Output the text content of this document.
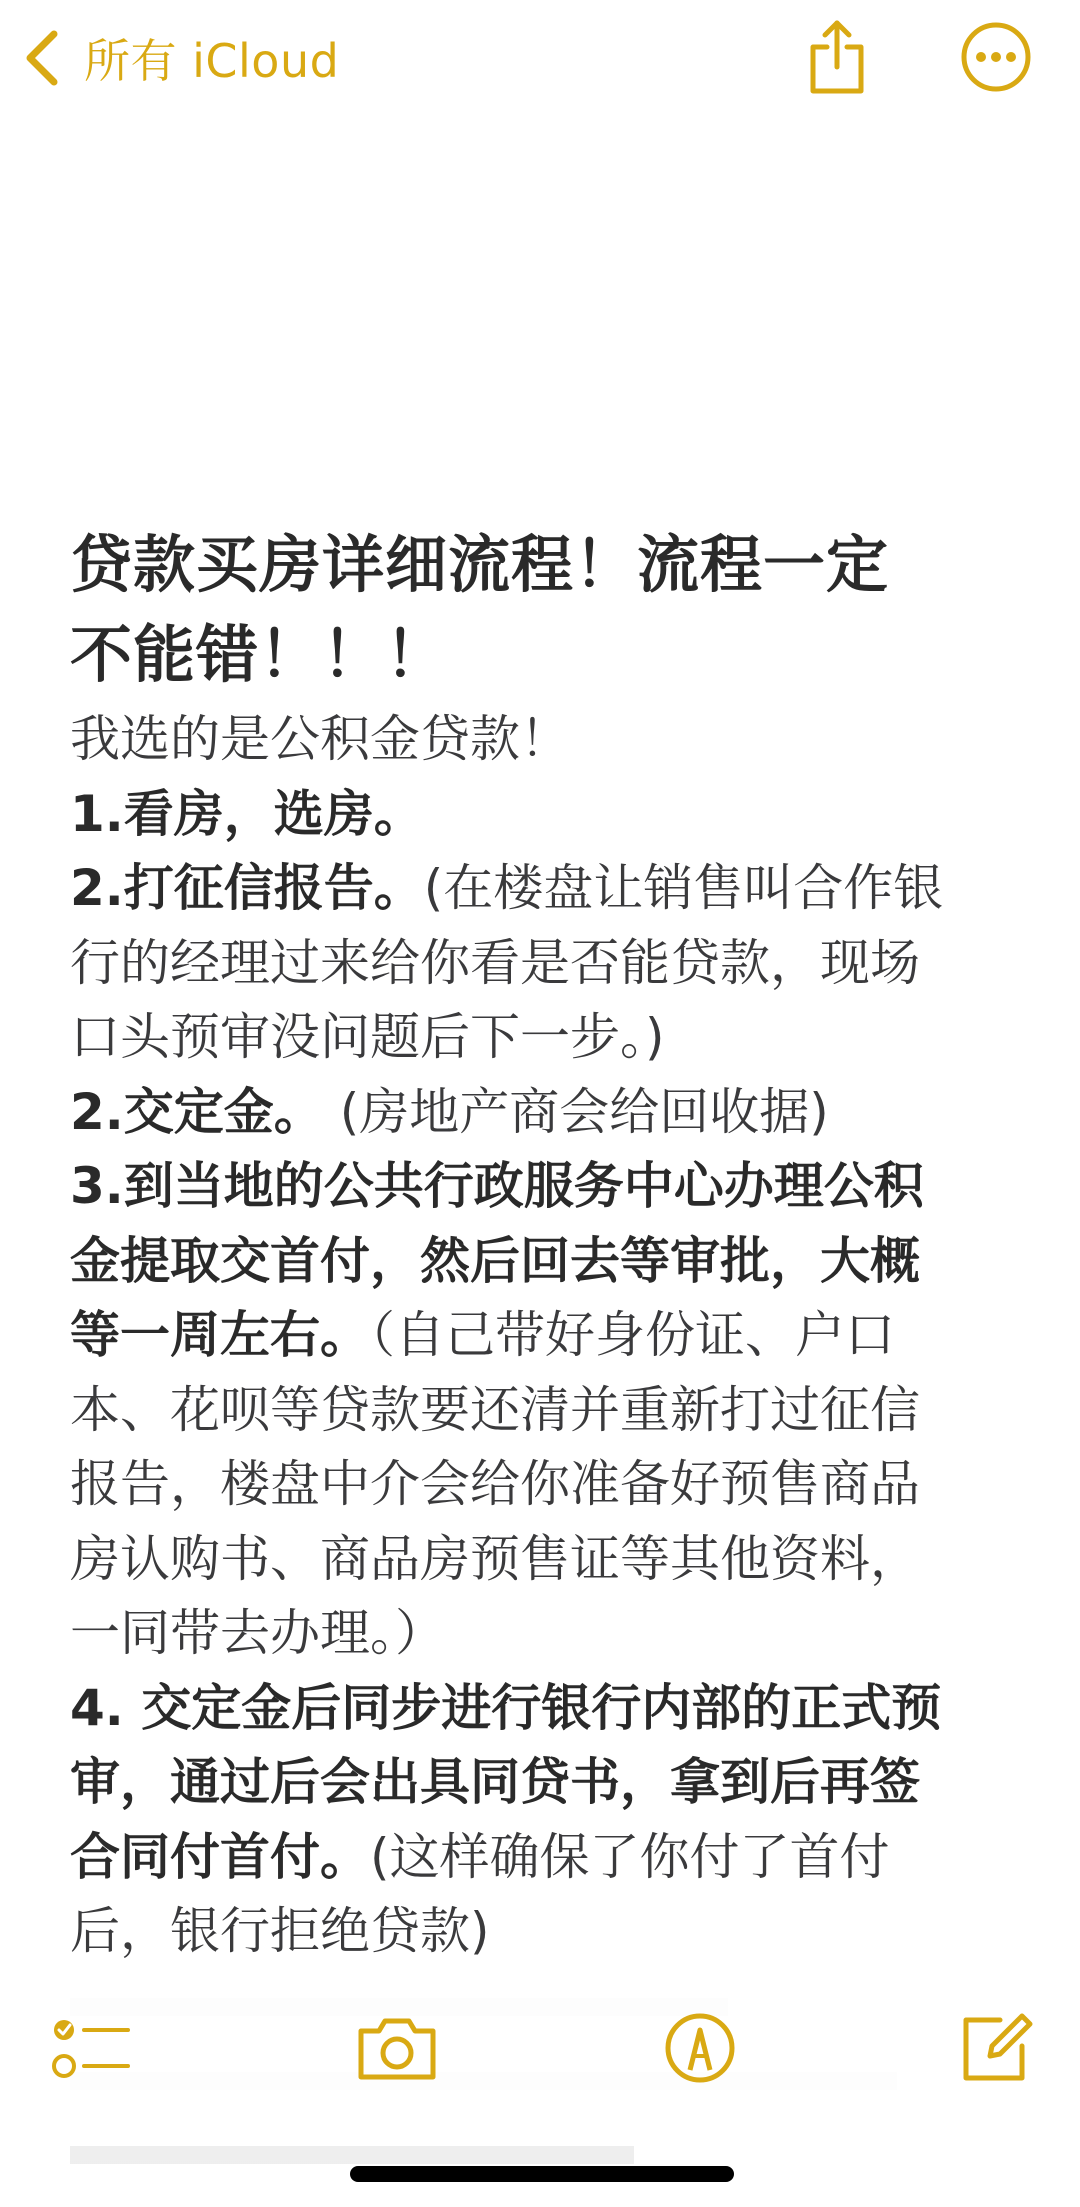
所有 iCloud
贷款买房详细流程！流程一定
不能错！！！
我选的是公积金贷款！
1.看房，选房。
2.打征信报告。(在楼盘让销售叫合作银
行的经理过来给你看是否能贷款，现场
口头预审没问题后下一步。)
2.交定金。 (房地产商会给回收据)
3.到当地的公共行政服务中心办理公积
金提取交首付，然后回去等审批，大概
等一周左右。（自己带好身份证、户口
本、花呗等贷款要还清并重新打过征信
报告，楼盘中介会给你准备好预售商品
房认购书、商品房预售证等其他资料，
一同带去办理。）
4. 交定金后同步进行银行内部的正式预
审，通过后会出具同贷书，拿到后再签
合同付首付。(这样确保了你付了首付
后，银行拒绝贷款)
